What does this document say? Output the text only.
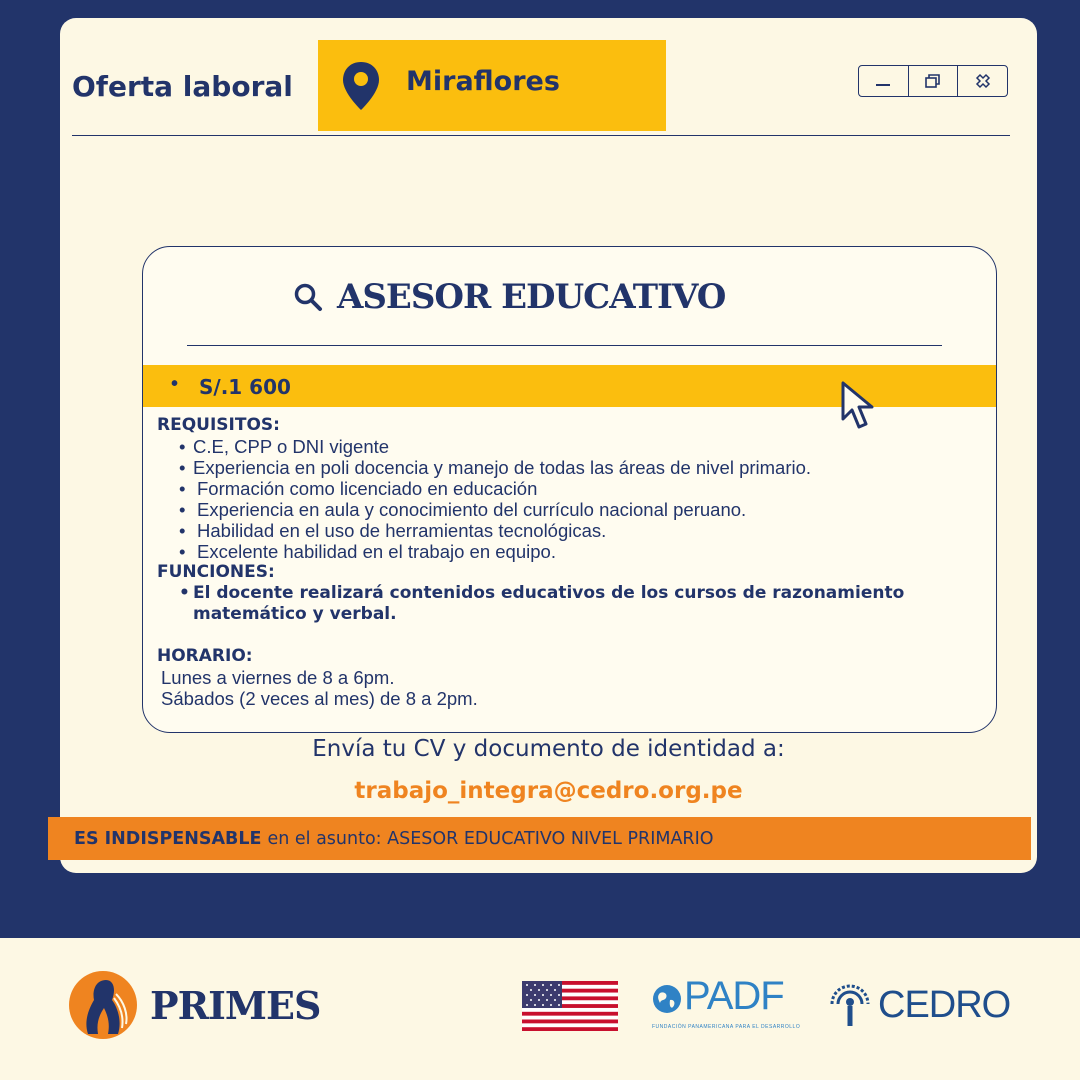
Oferta laboral	Miraflores
ASESOR EDUCATIVO
• S/.1 600
REQUISITOS:
• C.E, CPP o DNI vigente
• Experiencia en poli docencia y manejo de todas las áreas de nivel primario.
• Formación como licenciado en educación
• Experiencia en aula y conocimiento del currículo nacional peruano.
• Habilidad en el uso de herramientas tecnológicas.
• Excelente habilidad en el trabajo en equipo.
FUNCIONES:
• El docente realizará contenidos educativos de los cursos de razonamiento matemático y verbal.
HORARIO:
Lunes a viernes de 8 a 6pm.
Sábados (2 veces al mes) de 8 a 2pm.
Envía tu CV y documento de identidad a:
trabajo_integra@cedro.org.pe
ES INDISPENSABLE en el asunto: ASESOR EDUCATIVO NIVEL PRIMARIO
PRIMES	PADF
FUNDACIÓN PANAMERICANA PARA EL DESARROLLO
CEDRO
